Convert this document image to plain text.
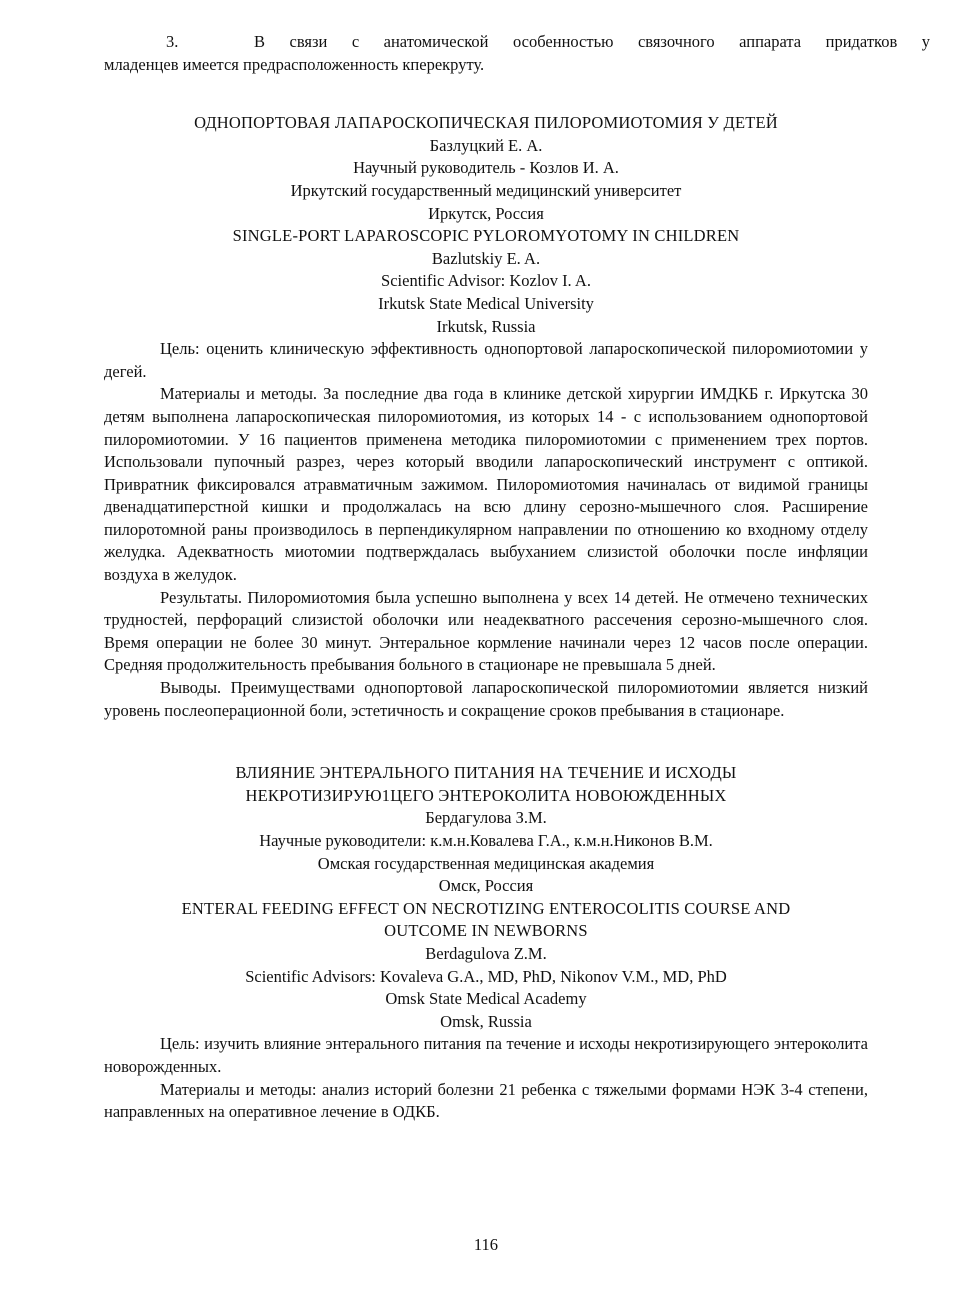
3.	В связи с анатомической особенностью связочного аппарата придатков у
младенцев имеется предрасположенность кперекруту.

ОДНОПОРТОВАЯ ЛАПАРОСКОПИЧЕСКАЯ ПИЛОРОМИОТОМИЯ У ДЕТЕЙ

Базлуцкий Е. А.

Научный руководитель - Козлов И. А.

Иркутский государственный медицинский университет

Иркутск, Россия

SINGLE-PORT LAPAROSCOPIC PYLOROMYOTOMY IN CHILDREN

Bazlutskiy E. A.

Scientific Advisor: Kozlov I. A.

Irkutsk State Medical University

Irkutsk, Russia

Цель: оценить клиническую эффективность однопортовой лапароскопической пилоромиотомии у дегей.

Материалы и методы. За последние два года в клинике детской хирургии ИМДКБ г. Иркутска 30 детям выполнена лапароскопическая пилоромиотомия, из которых 14 - с использованием однопортовой пилоромиотомии. У 16 пациентов применена методика пилоромиотомии с применением трех портов. Использовали пупочный разрез, через который вводили лапароскопический инструмент с оптикой. Привратник фиксировался атравматичным зажимом. Пилоромиотомия начиналась от видимой границы двенадцатиперстной кишки и продолжалась на всю длину серозно-мышечного слоя. Расширение пилоротомной раны производилось в перпендикулярном направлении по отношению ко входному отделу желудка. Адекватность миотомии подтверждалась выбуханием слизистой оболочки после инфляции воздуха в желудок.

Результаты. Пилоромиотомия была успешно выполнена у всех 14 детей. Не отмечено технических трудностей, перфораций слизистой оболочки или неадекватного рассечения серозно-мышечного слоя. Время операции не более 30 минут. Энтеральное кормление начинали через 12 часов после операции. Средняя продолжительность пребывания больного в стационаре не превышала 5 дней.

Выводы. Преимуществами однопортовой лапароскопической пилоромиотомии является низкий уровень послеоперационной боли, эстетичность и сокращение сроков пребывания в стационаре.

ВЛИЯНИЕ ЭНТЕРАЛЬНОГО ПИТАНИЯ НА ТЕЧЕНИЕ И ИСХОДЫ

НЕКРОТИЗИРУЮ1ЦЕГО ЭНТЕРОКОЛИТА НОВОЮЖДЕННЫХ

Бердагулова З.М.

Научные руководители: к.м.н.Ковалева Г.А., к.м.н.Никонов В.М.

Омская государственная медицинская академия

Омск, Россия

ENTERAL FEEDING EFFECT ON NECROTIZING ENTEROCOLITIS COURSE AND

OUTCOME IN NEWBORNS

Berdagulova Z.M.

Scientific Advisors: Kovaleva G.A., MD, PhD, Nikonov V.M., MD, PhD

Omsk State Medical Academy

Omsk, Russia

Цель: изучить влияние энтерального питания па течение и исходы некротизирующего энтероколита новорожденных.

Материалы и методы: анализ историй болезни 21 ребенка с тяжелыми формами НЭК 3-4 степени, направленных на оперативное лечение в ОДКБ.

116
